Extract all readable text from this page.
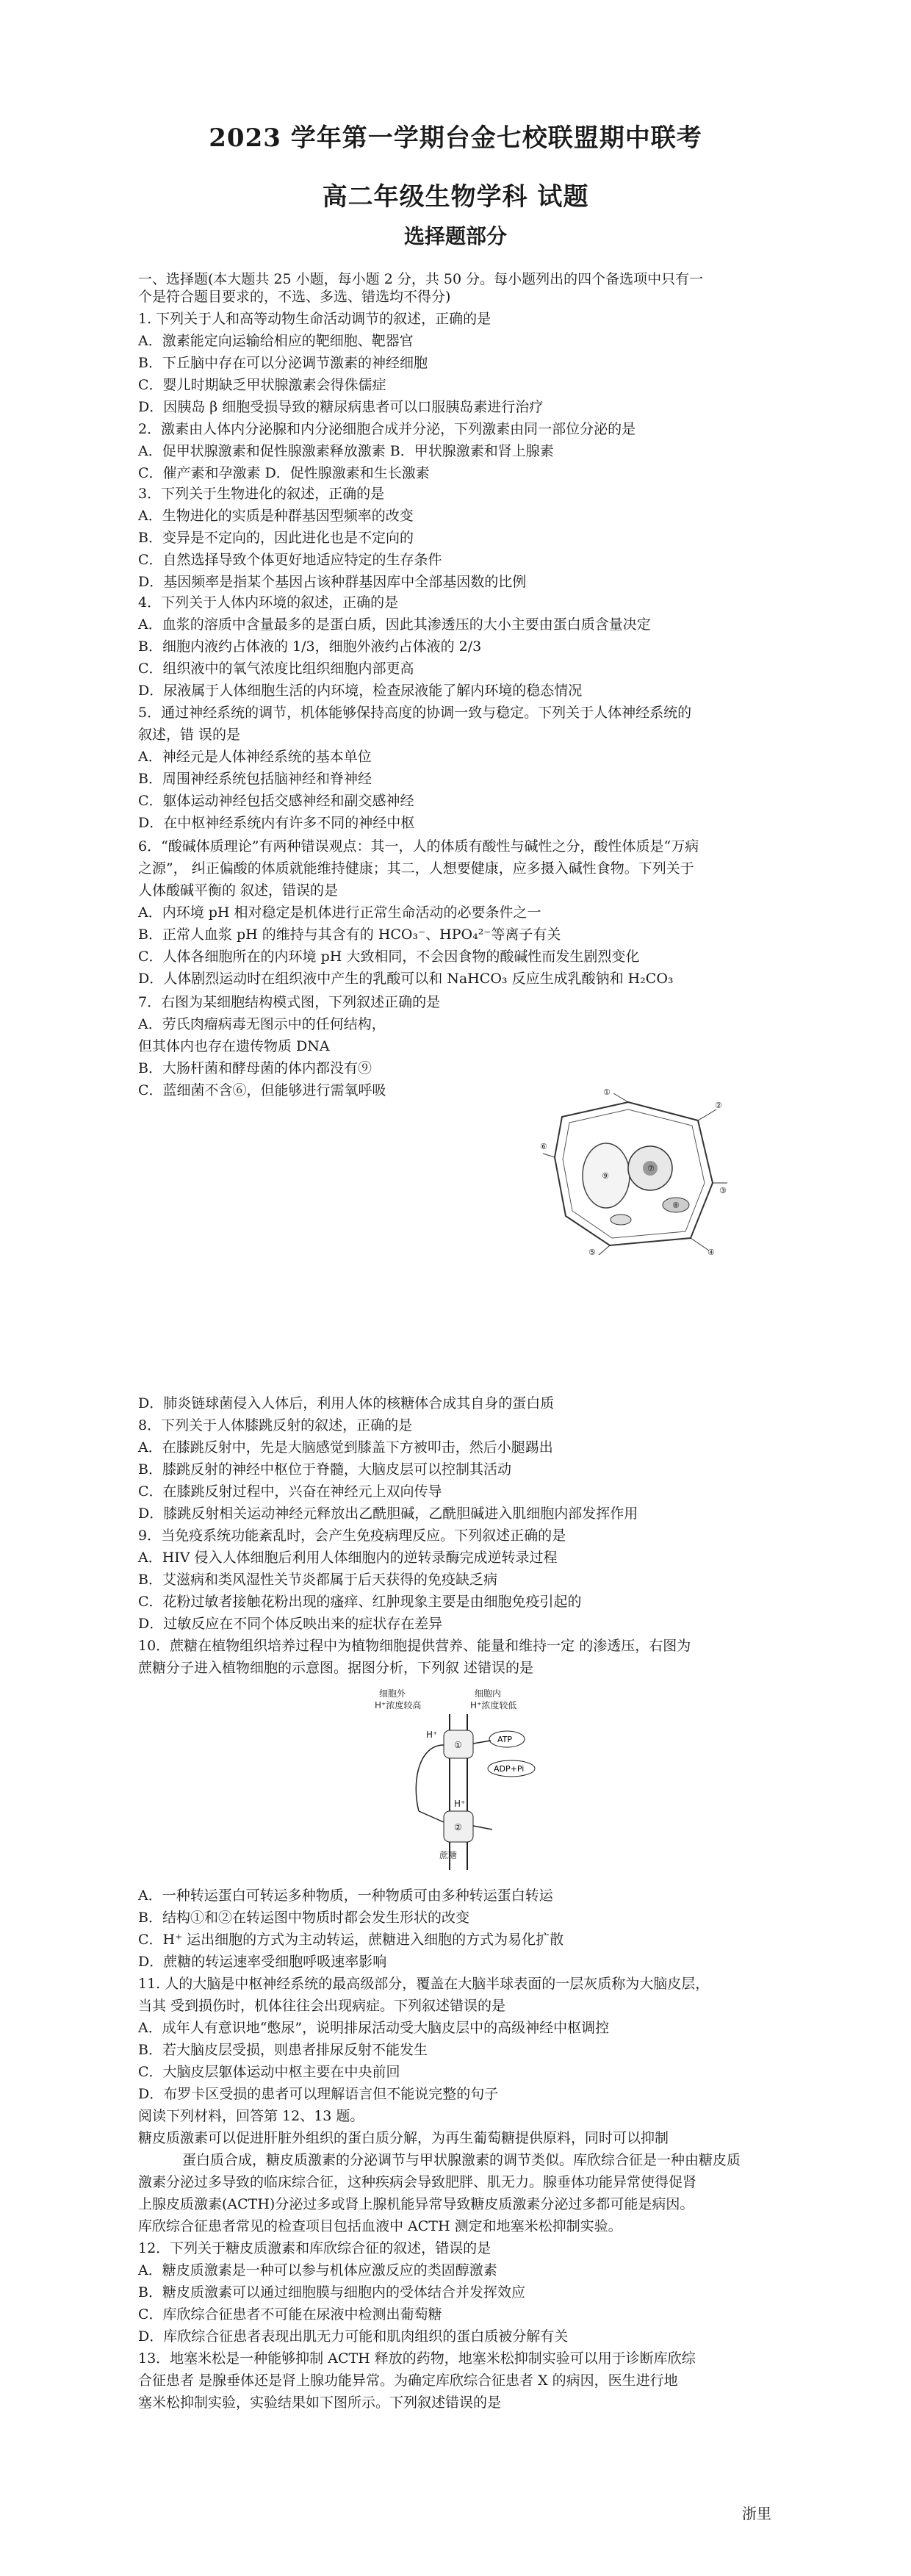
2023 学年第一学期台金七校联盟期中联考
高二年级生物学科 试题
选择题部分
一、选择题(本大题共 25 小题，每小题 2 分，共 50 分。每小题列出的四个备选项中只有一
个是符合题目要求的，不选、多选、错选均不得分)
1. 下列关于人和高等动物生命活动调节的叙述，正确的是
A．激素能定向运输给相应的靶细胞、靶器官
B．下丘脑中存在可以分泌调节激素的神经细胞
C．婴儿时期缺乏甲状腺激素会得侏儒症
D．因胰岛 β 细胞受损导致的糖尿病患者可以口服胰岛素进行治疗
2．激素由人体内分泌腺和内分泌细胞合成并分泌，下列激素由同一部位分泌的是
A．促甲状腺激素和促性腺激素释放激素 B．甲状腺激素和肾上腺素
C．催产素和孕激素 D．促性腺激素和生长激素
3．下列关于生物进化的叙述，正确的是
A．生物进化的实质是种群基因型频率的改变
B．变异是不定向的，因此进化也是不定向的
C．自然选择导致个体更好地适应特定的生存条件
D．基因频率是指某个基因占该种群基因库中全部基因数的比例
4．下列关于人体内环境的叙述，正确的是
A．血浆的溶质中含量最多的是蛋白质，因此其渗透压的大小主要由蛋白质含量决定
B．细胞内液约占体液的 1/3，细胞外液约占体液的 2/3
C．组织液中的氧气浓度比组织细胞内部更高
D．尿液属于人体细胞生活的内环境，检查尿液能了解内环境的稳态情况
5．通过神经系统的调节，机体能够保持高度的协调一致与稳定。下列关于人体神经系统的
叙述，错 误的是
A．神经元是人体神经系统的基本单位
B．周围神经系统包括脑神经和脊神经
C．躯体运动神经包括交感神经和副交感神经
D．在中枢神经系统内有许多不同的神经中枢
6．“酸碱体质理论”有两种错误观点：其一，人的体质有酸性与碱性之分，酸性体质是“万病
之源”， 纠正偏酸的体质就能维持健康；其二，人想要健康，应多摄入碱性食物。下列关于
人体酸碱平衡的 叙述，错误的是
A．内环境 pH 相对稳定是机体进行正常生命活动的必要条件之一
B．正常人血浆 pH 的维持与其含有的 HCO₃⁻、HPO₄²⁻等离子有关
C．人体各细胞所在的内环境 pH 大致相同，不会因食物的酸碱性而发生剧烈变化
D．人体剧烈运动时在组织液中产生的乳酸可以和 NaHCO₃ 反应生成乳酸钠和 H₂CO₃
7．右图为某细胞结构模式图，下列叙述正确的是
A．劳氏肉瘤病毒无图示中的任何结构，
但其体内也存在遗传物质 DNA
B．大肠杆菌和酵母菌的体内都没有⑨
C．蓝细菌不含⑥，但能够进行需氧呼吸
D．肺炎链球菌侵入人体后，利用人体的核糖体合成其自身的蛋白质
8．下列关于人体膝跳反射的叙述，正确的是
A．在膝跳反射中，先是大脑感觉到膝盖下方被叩击，然后小腿踢出
B．膝跳反射的神经中枢位于脊髓，大脑皮层可以控制其活动
C．在膝跳反射过程中，兴奋在神经元上双向传导
D．膝跳反射相关运动神经元释放出乙酰胆碱，乙酰胆碱进入肌细胞内部发挥作用
9．当免疫系统功能紊乱时，会产生免疫病理反应。下列叙述正确的是
A．HIV 侵入人体细胞后利用人体细胞内的逆转录酶完成逆转录过程
B．艾滋病和类风湿性关节炎都属于后天获得的免疫缺乏病
C．花粉过敏者接触花粉出现的瘙痒、红肿现象主要是由细胞免疫引起的
D．过敏反应在不同个体反映出来的症状存在差异
10．蔗糖在植物组织培养过程中为植物细胞提供营养、能量和维持一定 的渗透压，右图为
蔗糖分子进入植物细胞的示意图。据图分析，下列叙 述错误的是
A．一种转运蛋白可转运多种物质，一种物质可由多种转运蛋白转运
B．结构①和②在转运图中物质时都会发生形状的改变
C．H⁺ 运出细胞的方式为主动转运，蔗糖进入细胞的方式为易化扩散
D．蔗糖的转运速率受细胞呼吸速率影响
11. 人的大脑是中枢神经系统的最高级部分，覆盖在大脑半球表面的一层灰质称为大脑皮层，
当其 受到损伤时，机体往往会出现病症。下列叙述错误的是
A．成年人有意识地“憋尿”，说明排尿活动受大脑皮层中的高级神经中枢调控
B．若大脑皮层受损，则患者排尿反射不能发生
C．大脑皮层躯体运动中枢主要在中央前回
D．布罗卡区受损的患者可以理解语言但不能说完整的句子
阅读下列材料，回答第 12、13 题。
糖皮质激素可以促进肝脏外组织的蛋白质分解，为再生葡萄糖提供原料，同时可以抑制
蛋白质合成，糖皮质激素的分泌调节与甲状腺激素的调节类似。库欣综合征是一种由糖皮质
激素分泌过多导致的临床综合征，这种疾病会导致肥胖、肌无力。腺垂体功能异常使得促肾
上腺皮质激素(ACTH)分泌过多或肾上腺机能异常导致糖皮质激素分泌过多都可能是病因。
库欣综合征患者常见的检查项目包括血液中 ACTH 测定和地塞米松抑制实验。
12．下列关于糖皮质激素和库欣综合征的叙述，错误的是
A．糖皮质激素是一种可以参与机体应激反应的类固醇激素
B．糖皮质激素可以通过细胞膜与细胞内的受体结合并发挥效应
C．库欣综合征患者不可能在尿液中检测出葡萄糖
D．库欣综合征患者表现出肌无力可能和肌肉组织的蛋白质被分解有关
13．地塞米松是一种能够抑制 ACTH 释放的药物，地塞米松抑制实验可以用于诊断库欣综
合征患者 是腺垂体还是肾上腺功能异常。为确定库欣综合征患者 X 的病因，医生进行地
塞米松抑制实验，实验结果如下图所示。下列叙述错误的是
①
②
③
④
⑤
⑥
⑦
⑧
⑨
细胞外
H⁺浓度较高
细胞内
H⁺浓度较低
①
②
H⁺
H⁺
蔗糖
ATP
ADP+Pi
浙里
